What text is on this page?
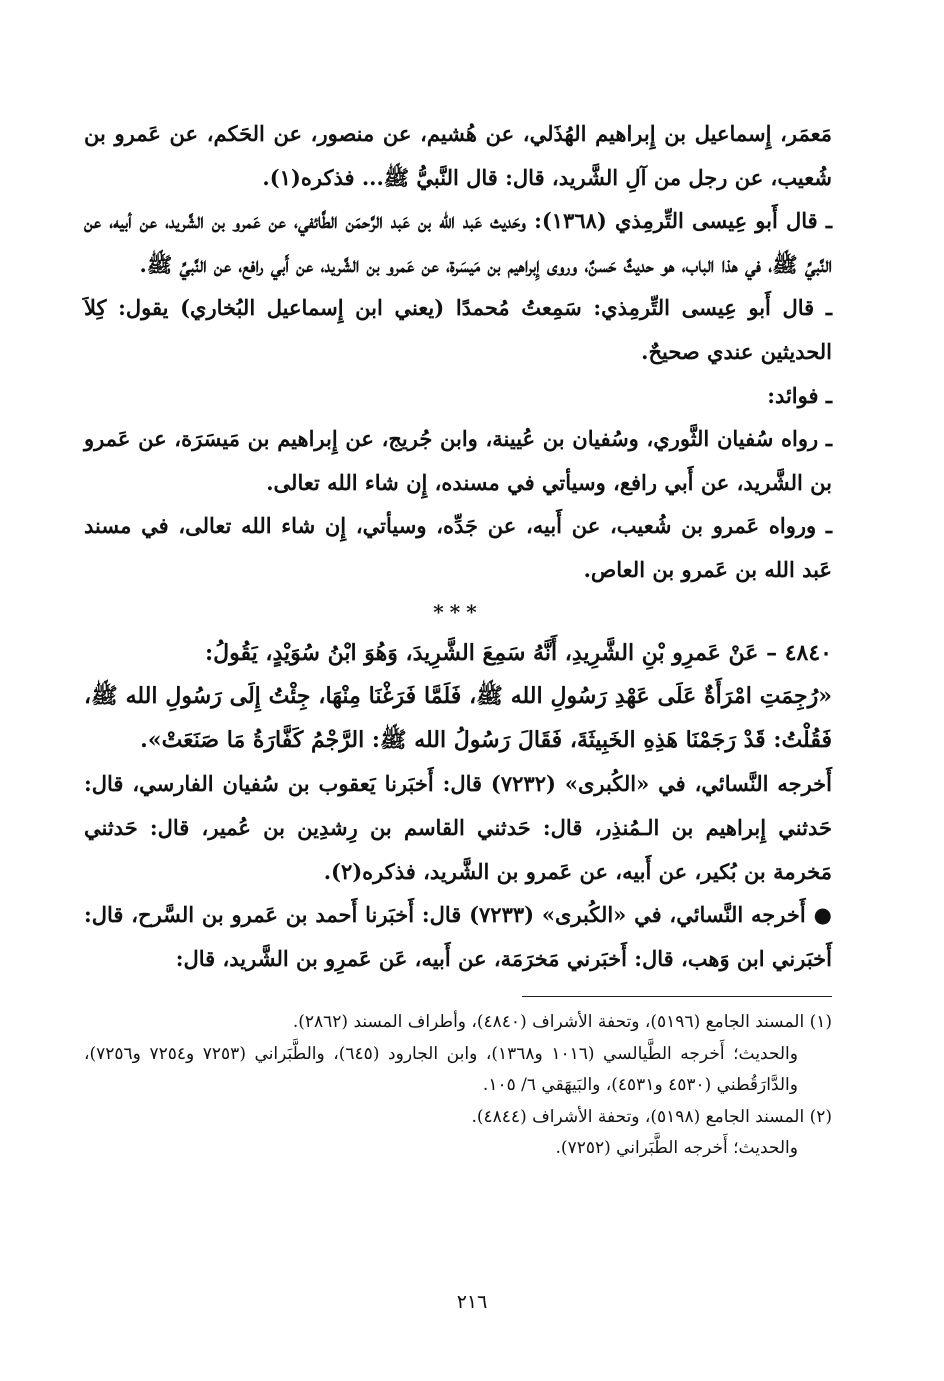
مَعمَر، إِسماعيل بن إِبراهيم الهُذَلي، عن هُشيم، عن منصور، عن الحَكم، عن عَمرو بن شُعيب، عن رجل من آلِ الشَّريد، قال: قال النَّبيُّ ﷺ... فذكره(١).

ـ قال أَبو عِيسى التِّرمِذي (١٣٦٨): وحَديث عَبد الله بن عَبد الرَّحمَن الطَّائفي، عن عَمرو بن الشَّريد، عن أبيه، عن النَّبيِّ ﷺ، في هذا الباب، هو حديثٌ حَسنٌ، وروى إِبراهيم بن مَيسَرة، عن عَمرو بن الشَّريد، عن أَبي رافع، عن النَّبيِّ ﷺ.

ـ قال أَبو عِيسى التِّرمِذي: سَمِعتُ مُحمدًا (يعني ابن إِسماعيل البُخاري) يقول: كِلاَ الحديثين عندي صحيحٌ.

ـ فوائد:

ـ رواه سُفيان الثَّوري، وسُفيان بن عُيينة، وابن جُريج، عن إِبراهيم بن مَيسَرَة، عن عَمرو بن الشَّريد، عن أَبي رافع، وسيأتي في مسنده، إِن شاء الله تعالى.

ـ ورواه عَمرو بن شُعيب، عن أَبيه، عن جَدِّه، وسيأتي، إِن شاء الله تعالى، في مسند عَبد الله بن عَمرو بن العاص.

***

٤٨٤٠ – عَنْ عَمرِو بْنِ الشَّرِيدِ، أَنَّهُ سَمِعَ الشَّرِيدَ، وَهُوَ ابْنُ سُوَيْدٍ، يَقُولُ:

«رُجِمَتِ امْرَأَةٌ عَلَى عَهْدِ رَسُولِ الله ﷺ، فَلَمَّا فَرَغْنَا مِنْهَا، جِئْتُ إِلَى رَسُولِ الله ﷺ، فَقُلْتُ: قَدْ رَجَمْنَا هَذِهِ الخَبِيثَةَ، فَقَالَ رَسُولُ الله ﷺ: الرَّجْمُ كَفَّارَةُ مَا صَنَعَتْ».

أَخرجه النَّسائي، في «الكُبرى» (٧٢٣٢) قال: أَخبَرنا يَعقوب بن سُفيان الفارسي، قال: حَدثني إِبراهيم بن الـمُنذِر، قال: حَدثني القاسم بن رِشدِين بن عُمير، قال: حَدثني مَخرمة بن بُكير، عن أَبيه، عن عَمرو بن الشَّريد، فذكره(٢).

●أَخرجه النَّسائي، في «الكُبرى» (٧٢٣٣) قال: أَخبَرنا أَحمد بن عَمرو بن السَّرح، قال: أَخبَرني ابن وَهب، قال: أَخبَرني مَخرَمَة، عن أَبيه، عَن عَمرِو بن الشَّريد، قال:

(١) المسند الجامع (٥١٩٦)، وتحفة الأشراف (٤٨٤٠)، وأطراف المسند (٢٨٦٢).

والحديث؛ أَخرجه الطَّيالسي (١٠١٦ و١٣٦٨)، وابن الجارود (٦٤٥)، والطَّبَراني (٧٢٥٣ و٧٢٥٤ و٧٢٥٦)، والدَّارَقُطني (٤٥٣٠ و٤٥٣١)، والبَيهَقي ٦/ ١٠٥.

(٢) المسند الجامع (٥١٩٨)، وتحفة الأشراف (٤٨٤٤).

والحديث؛ أَخرجه الطَّبَراني (٧٢٥٢).

٢١٦
